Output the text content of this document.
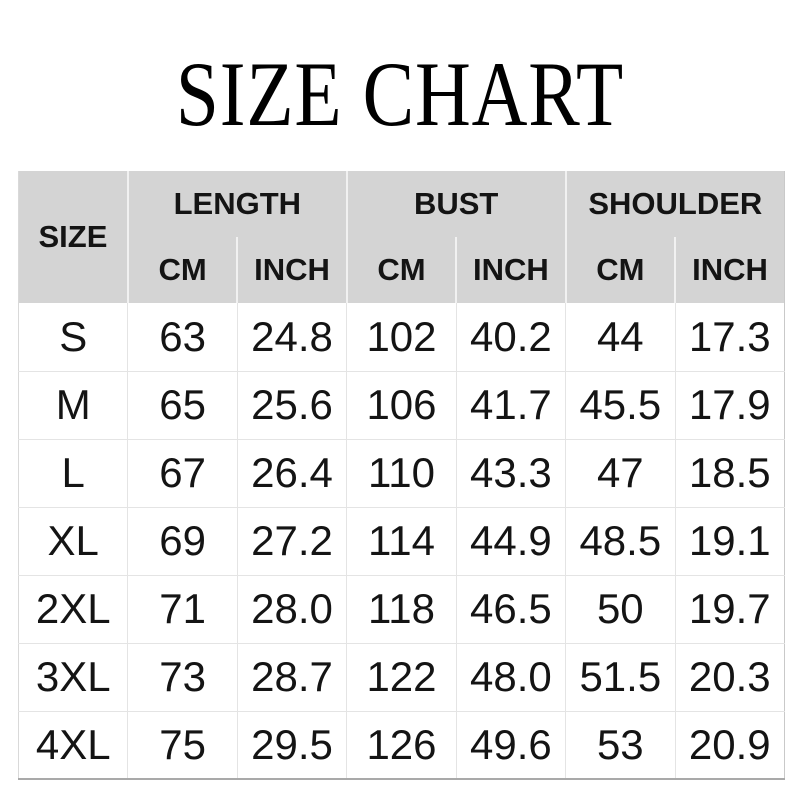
SIZE CHART
SIZE	LENGTH		BUST		SHOULDER	
	CM	INCH	CM	INCH	CM	INCH
S	63	24.8	102	40.2	44	17.3
M	65	25.6	106	41.7	45.5	17.9
L	67	26.4	110	43.3	47	18.5
XL	69	27.2	114	44.9	48.5	19.1
2XL	71	28.0	118	46.5	50	19.7
3XL	73	28.7	122	48.0	51.5	20.3
4XL	75	29.5	126	49.6	53	20.9
